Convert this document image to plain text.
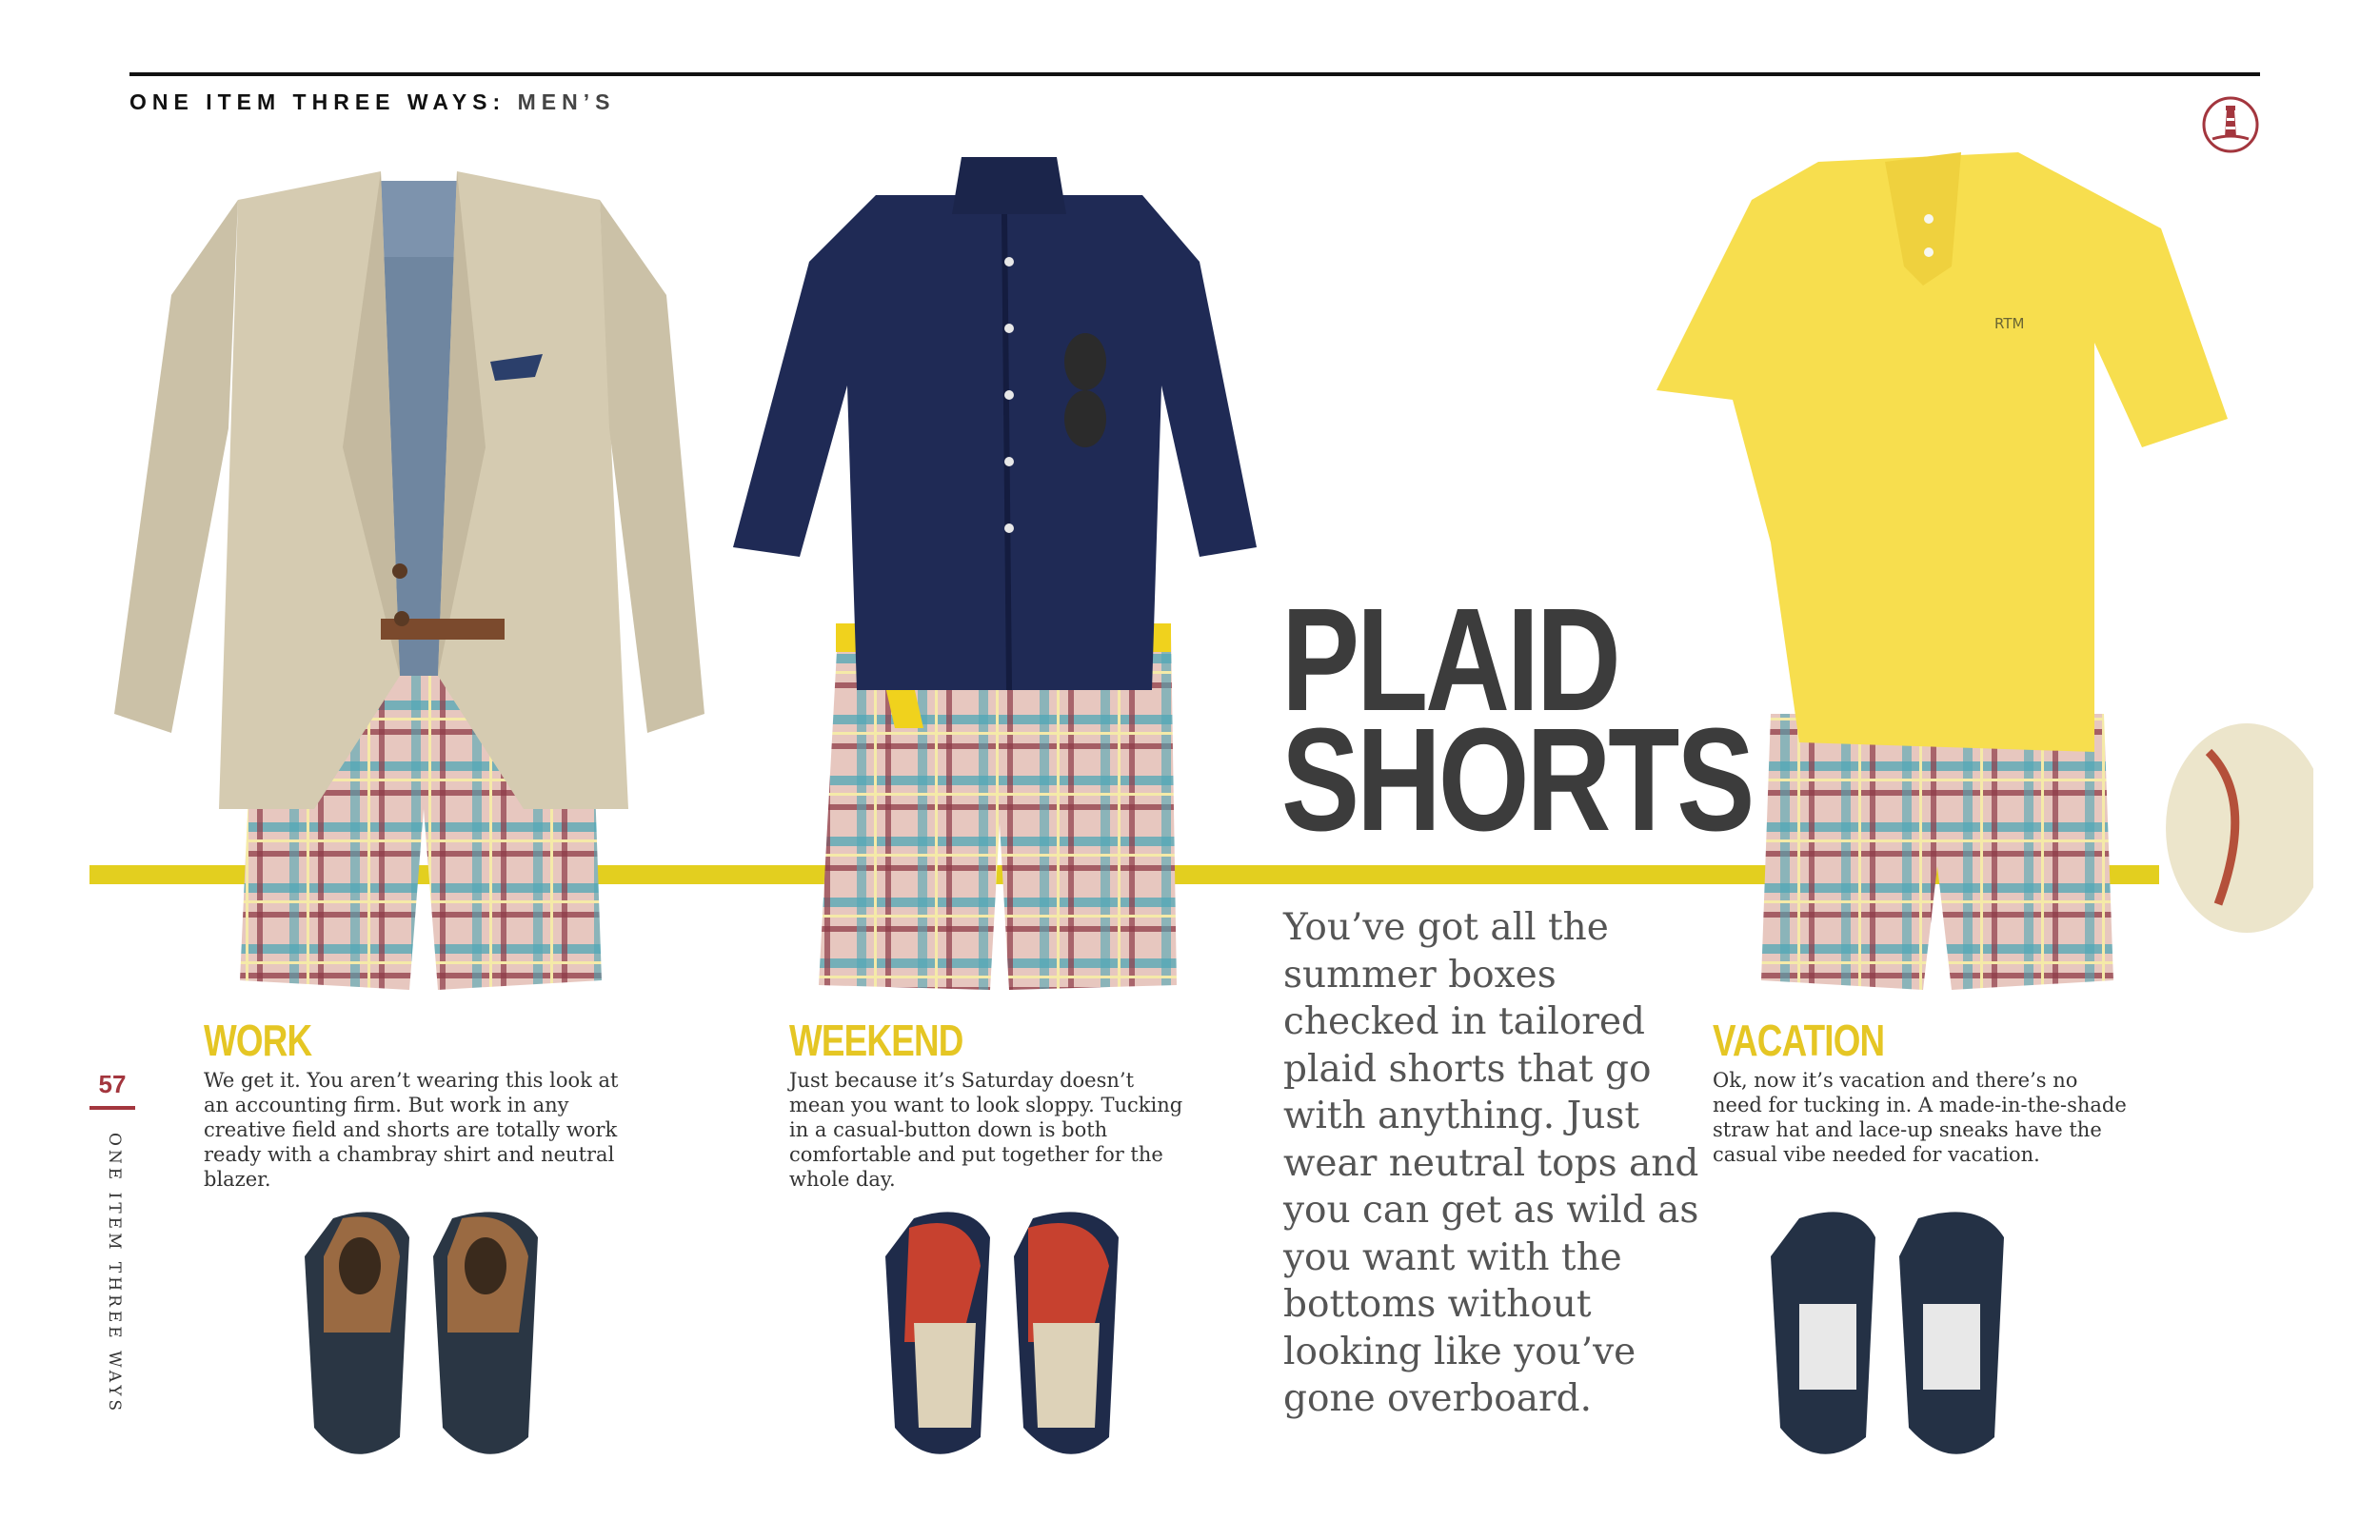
ONE ITEM THREE WAYS: MEN’S
RTM
PLAID
SHORTS
You’ve got all the summer boxes checked in tailored plaid shorts that go with anything. Just wear neutral tops and you can get as wild as you want with the bottoms without looking like you’ve gone overboard.
WORK
We get it. You aren’t wearing this look at an accounting firm. But work in any creative field and shorts are totally work ready with a chambray shirt and neutral blazer.
WEEKEND
Just because it’s Saturday doesn’t mean you want to look sloppy. Tucking in a casual-button down is both comfortable and put together for the whole day.
VACATION
Ok, now it’s vacation and there’s no need for tucking in. A made-in-the-shade straw hat and lace-up sneaks have the casual vibe needed for vacation.
57
ONE ITEM THREE WAYS
